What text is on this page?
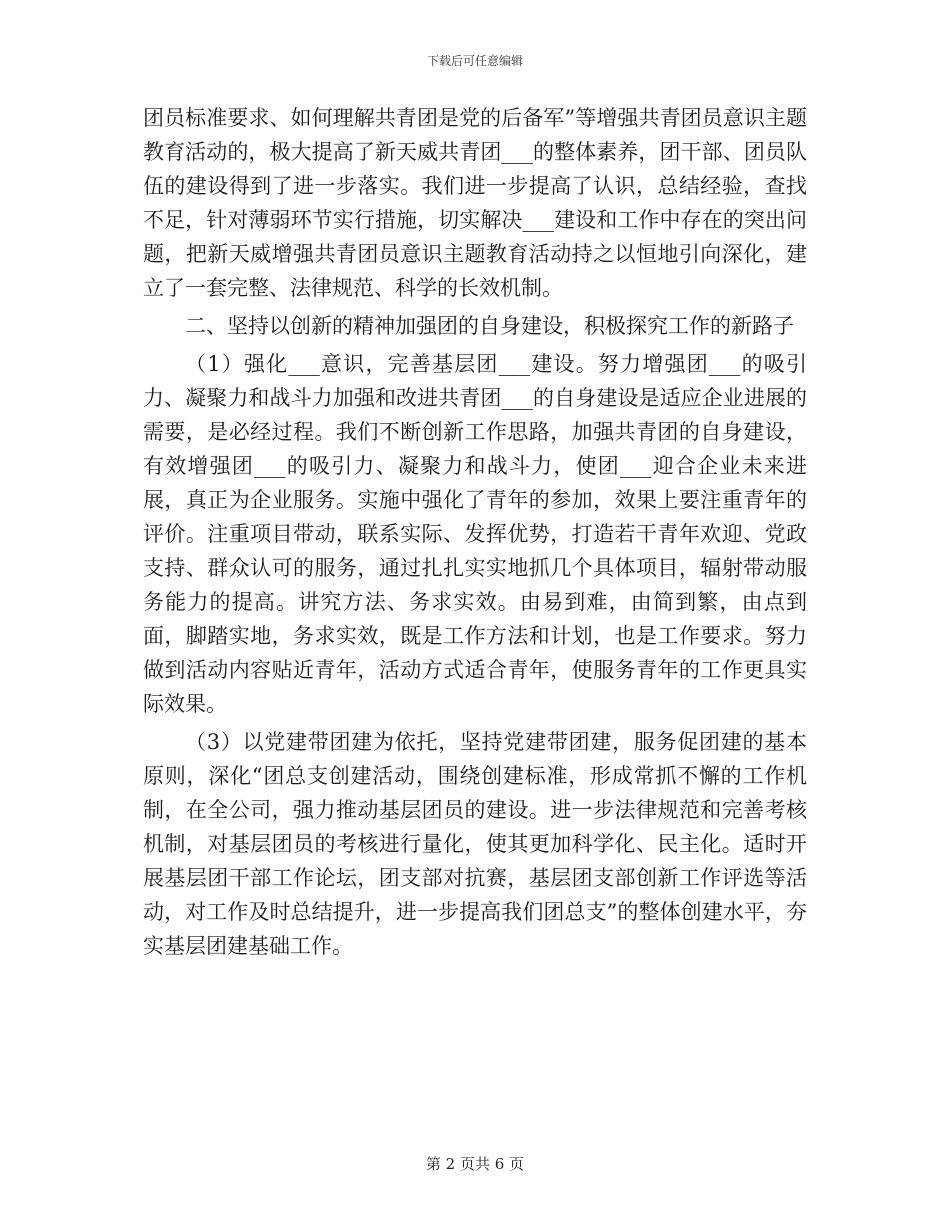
下载后可任意编辑

团员标准要求、如何理解共青团是党的后备军”等增强共青团员意识主题教育活动的，极大提高了新天威共青团___的整体素养，团干部、团员队伍的建设得到了进一步落实。我们进一步提高了认识，总结经验，查找不足，针对薄弱环节实行措施，切实解决___建设和工作中存在的突出问题，把新天威增强共青团员意识主题教育活动持之以恒地引向深化，建立了一套完整、法律规范、科学的长效机制。

二、坚持以创新的精神加强团的自身建设，积极探究工作的新路子

（1）强化___意识，完善基层团___建设。努力增强团___的吸引力、凝聚力和战斗力加强和改进共青团___的自身建设是适应企业进展的需要，是必经过程。我们不断创新工作思路，加强共青团的自身建设，有效增强团___的吸引力、凝聚力和战斗力，使团___迎合企业未来进展，真正为企业服务。实施中强化了青年的参加，效果上要注重青年的评价。注重项目带动，联系实际、发挥优势，打造若干青年欢迎、党政支持、群众认可的服务，通过扎扎实实地抓几个具体项目，辐射带动服务能力的提高。讲究方法、务求实效。由易到难，由简到繁，由点到面，脚踏实地，务求实效，既是工作方法和计划，也是工作要求。努力做到活动内容贴近青年，活动方式适合青年，使服务青年的工作更具实际效果。

（3）以党建带团建为依托，坚持党建带团建，服务促团建的基本原则，深化“团总支创建活动，围绕创建标准，形成常抓不懈的工作机制，在全公司，强力推动基层团员的建设。进一步法律规范和完善考核机制，对基层团员的考核进行量化，使其更加科学化、民主化。适时开展基层团干部工作论坛，团支部对抗赛，基层团支部创新工作评选等活动，对工作及时总结提升，进一步提高我们团总支”的整体创建水平，夯实基层团建基础工作。

第 2 页共 6 页
